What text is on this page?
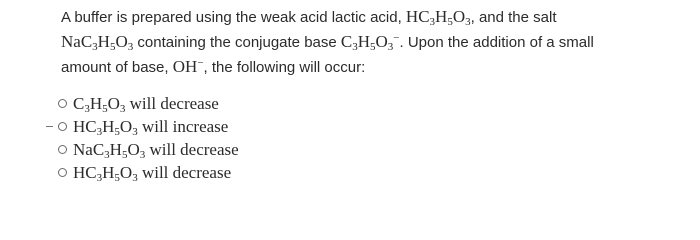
A buffer is prepared using the weak acid lactic acid, $HC_3H_5O_3$, and the salt
$NaC_3H_5O_3$ containing the conjugate base $C_3H_5O_3^-$. Upon the addition of a small
amount of base, OH−, the following will occur:
$C_3H_5O_3$ will decrease
$HC_3H_5O_3$ will increase
$NaC_3H_5O_3$ will decrease
$HC_3H_5O_3$ will decrease
